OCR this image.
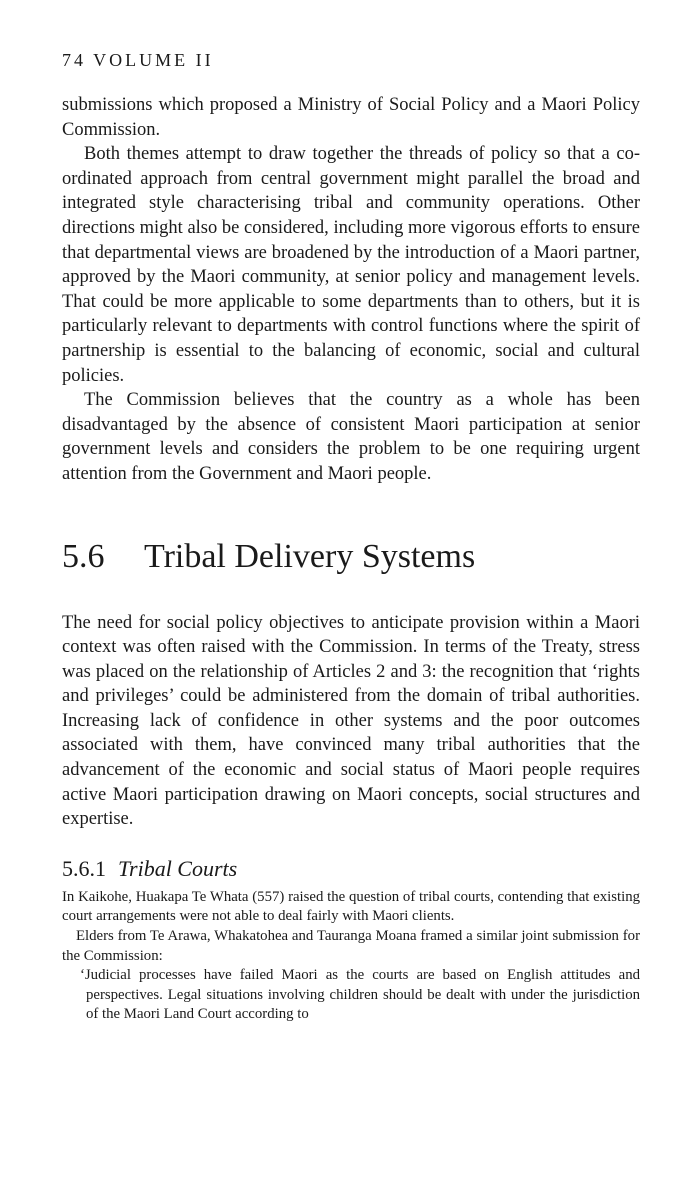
74 VOLUME II

submissions which proposed a Ministry of Social Policy and a Maori Policy Commission.

Both themes attempt to draw together the threads of policy so that a co-ordinated approach from central government might parallel the broad and integrated style characterising tribal and community operations. Other directions might also be considered, including more vigorous efforts to ensure that departmental views are broadened by the introduction of a Maori partner, approved by the Maori community, at senior policy and management levels. That could be more applicable to some departments than to others, but it is particularly relevant to departments with control functions where the spirit of partnership is essential to the balancing of economic, social and cultural policies.

The Commission believes that the country as a whole has been disadvantaged by the absence of consistent Maori participation at senior government levels and considers the problem to be one requiring urgent attention from the Government and Maori people.

5.6 Tribal Delivery Systems

The need for social policy objectives to anticipate provision within a Maori context was often raised with the Commission. In terms of the Treaty, stress was placed on the relationship of Articles 2 and 3: the recognition that ‘rights and privileges’ could be administered from the domain of tribal authorities. Increasing lack of confidence in other systems and the poor outcomes associated with them, have convinced many tribal authorities that the advancement of the economic and social status of Maori people requires active Maori participation drawing on Maori concepts, social structures and expertise.

5.6.1 Tribal Courts

In Kaikohe, Huakapa Te Whata (557) raised the question of tribal courts, contending that existing court arrangements were not able to deal fairly with Maori clients.

Elders from Te Arawa, Whakatohea and Tauranga Moana framed a similar joint submission for the Commission:

‘Judicial processes have failed Maori as the courts are based on English attitudes and perspectives. Legal situations involving children should be dealt with under the jurisdiction of the Maori Land Court according to
